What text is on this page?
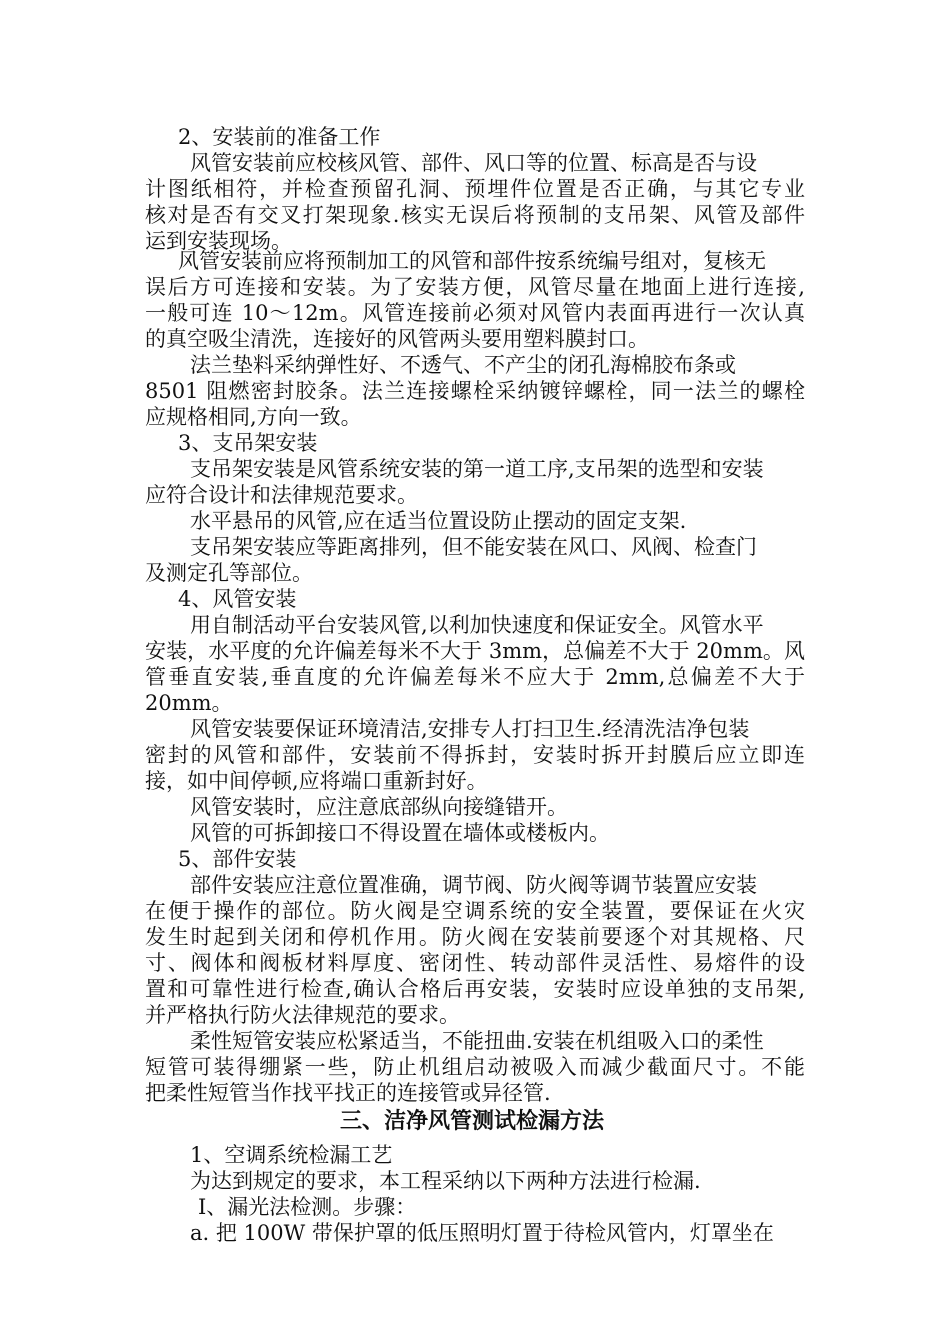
2、安装前的准备工作
风管安装前应校核风管、部件、风口等的位置、标高是否与设
计图纸相符，并检查预留孔洞、预埋件位置是否正确，与其它专业
核对是否有交叉打架现象.核实无误后将预制的支吊架、风管及部件
运到安装现场。
风管安装前应将预制加工的风管和部件按系统编号组对，复核无
误后方可连接和安装。为了安装方便，风管尽量在地面上进行连接,
一般可连 10～12m。风管连接前必须对风管内表面再进行一次认真
的真空吸尘清洗，连接好的风管两头要用塑料膜封口。
法兰垫料采纳弹性好、不透气、不产尘的闭孔海棉胶布条或
8501 阻燃密封胶条。法兰连接螺栓采纳镀锌螺栓，同一法兰的螺栓
应规格相同,方向一致。
3、支吊架安装
支吊架安装是风管系统安装的第一道工序,支吊架的选型和安装
应符合设计和法律规范要求。
水平悬吊的风管,应在适当位置设防止摆动的固定支架.
支吊架安装应等距离排列，但不能安装在风口、风阀、检查门
及测定孔等部位。
4、风管安装
用自制活动平台安装风管,以利加快速度和保证安全。风管水平
安装，水平度的允许偏差每米不大于 3mm，总偏差不大于 20mm。风
管垂直安装,垂直度的允许偏差每米不应大于 2mm,总偏差不大于
20mm。
风管安装要保证环境清洁,安排专人打扫卫生.经清洗洁净包装
密封的风管和部件，安装前不得拆封，安装时拆开封膜后应立即连
接，如中间停顿,应将端口重新封好。
风管安装时，应注意底部纵向接缝错开。
风管的可拆卸接口不得设置在墙体或楼板内。
5、部件安装
部件安装应注意位置准确，调节阀、防火阀等调节装置应安装
在便于操作的部位。防火阀是空调系统的安全装置，要保证在火灾
发生时起到关闭和停机作用。防火阀在安装前要逐个对其规格、尺
寸、阀体和阀板材料厚度、密闭性、转动部件灵活性、易熔件的设
置和可靠性进行检查,确认合格后再安装，安装时应设单独的支吊架,
并严格执行防火法律规范的要求。
柔性短管安装应松紧适当，不能扭曲.安装在机组吸入口的柔性
短管可装得绷紧一些，防止机组启动被吸入而减少截面尺寸。不能
把柔性短管当作找平找正的连接管或异径管.
三、洁净风管测试检漏方法
1、空调系统检漏工艺
为达到规定的要求，本工程采纳以下两种方法进行检漏.
Ⅰ、漏光法检测。步骤：
a. 把 100W 带保护罩的低压照明灯置于待检风管内，灯罩坐在
